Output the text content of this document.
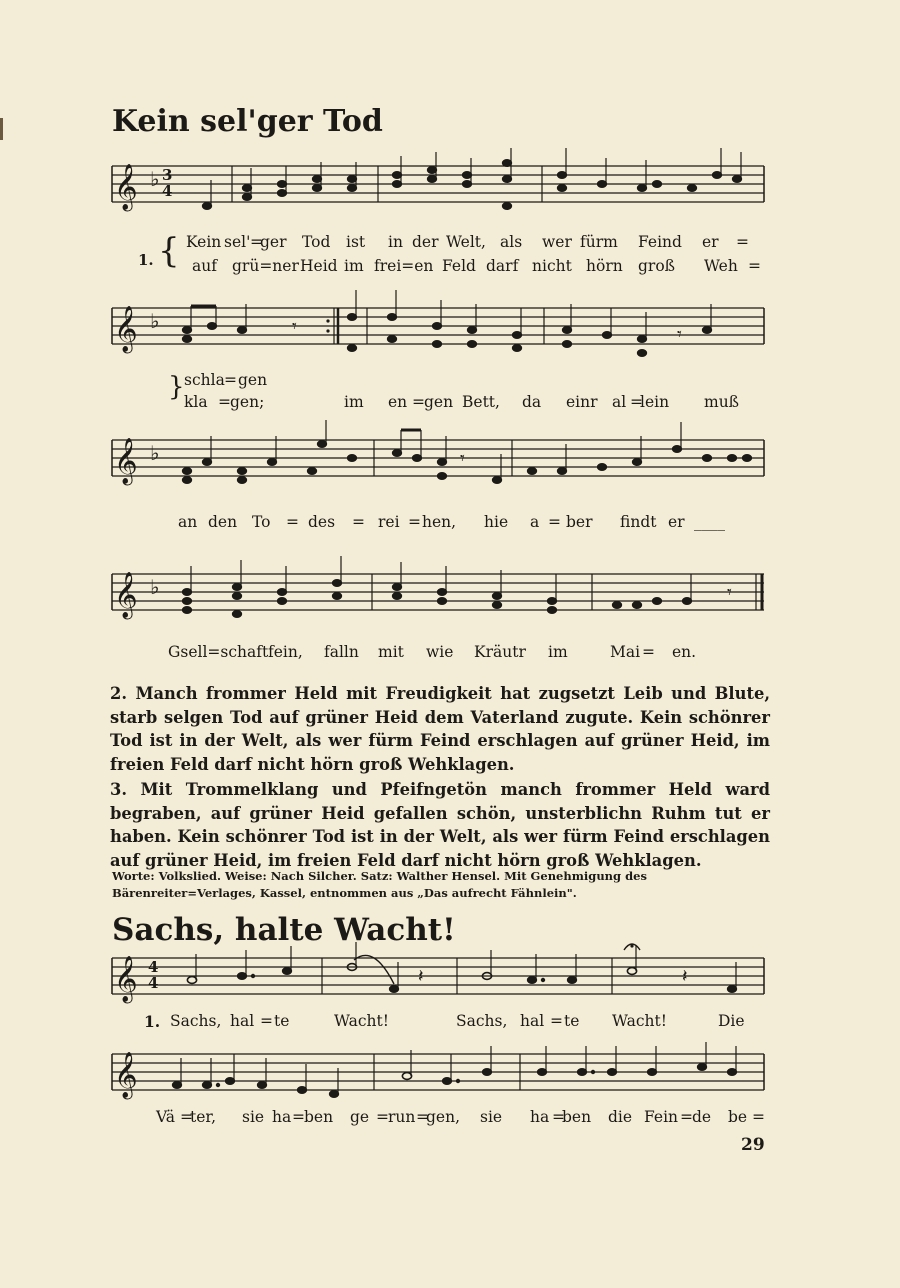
Kein sel'ger Tod
𝄞 ♭ 3
4
1. { Kein sel' =
ger Tod ist in der Welt, als wer fürm Feind er =
auf grü=ner Heid im frei=en Feld darf nicht hörn groß Weh =
𝄞 ♭	𝄾	𝄾
schla = gen
} kla = gen;	im en = gen Bett, da einr al =
lein muß
𝄞 ♭	𝄾
an den To = des = rei = hen, hie a = ber findt er ____
𝄞 ♭	𝄾
Gsell=schaft fein, falln mit wie Kräutr im	Mai = en.

2. Manch frommer Held mit Freudigkeit hat zugsetzt Leib und Blute, starb selgen Tod auf grüner Heid dem Vaterland zugute. Kein schönrer Tod ist in der Welt, als wer fürm Feind erschlagen auf grüner Heid, im freien Feld darf nicht hörn groß Wehklagen.

3. Mit Trommelklang und Pfeifngetön manch frommer Held ward begraben, auf grüner Heid gefallen schön, unsterblichn Ruhm tut er haben. Kein schönrer Tod ist in der Welt, als wer fürm Feind erschlagen auf grüner Heid, im freien Feld darf nicht hörn groß Wehklagen.

Worte: Volkslied. Weise: Nach Silcher. Satz: Walther Hensel. Mit Genehmigung des Bärenreiter=Verlages, Kassel, entnommen aus „Das aufrecht Fähnlein".
Sachs, halte Wacht!
𝄞 4
4	𝄽	𝄽
1. Sachs, hal = te	Wacht!	Sachs, hal = te Wacht!	Die
𝄞
Vä =
ter, sie ha = ben ge = run =
gen, sie ha =
ben die Fein = de be =
29
